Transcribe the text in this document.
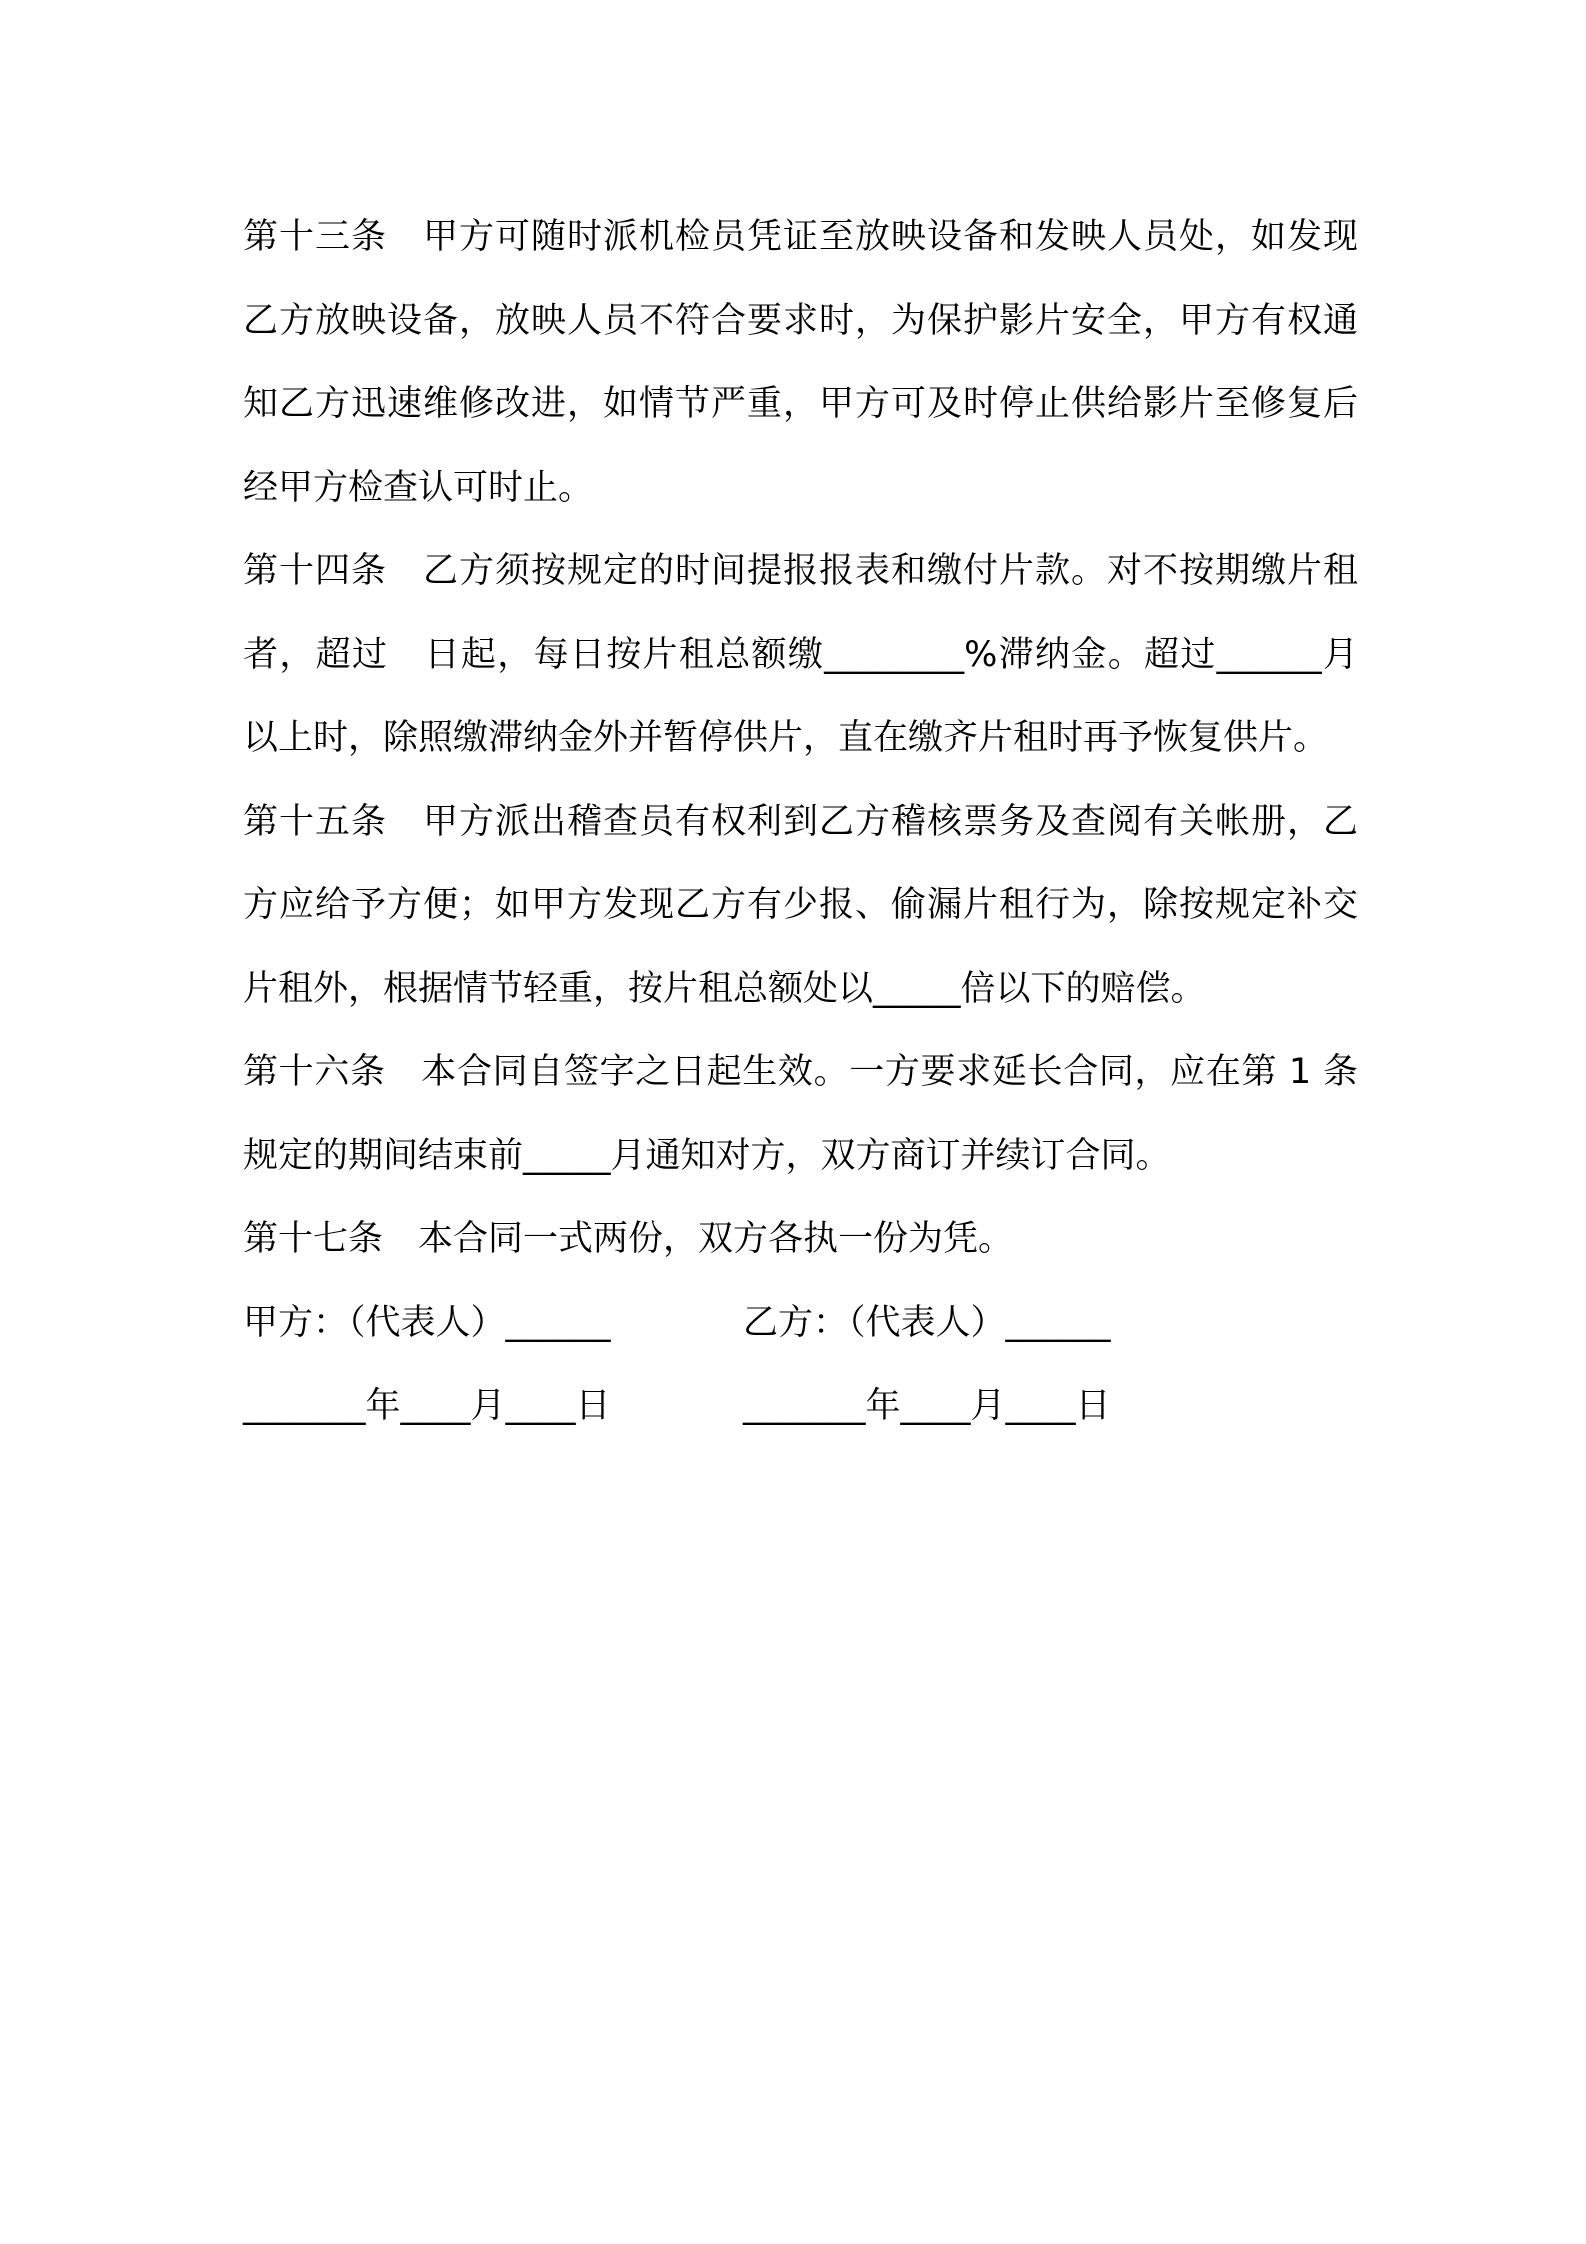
第十三条　甲方可随时派机检员凭证至放映设备和发映人员处，如发现乙方放映设备，放映人员不符合要求时，为保护影片安全，甲方有权通知乙方迅速维修改进，如情节严重，甲方可及时停止供给影片至修复后经甲方检查认可时止。

第十四条　乙方须按规定的时间提报报表和缴付片款。对不按期缴片租者，超过　日起，每日按片租总额缴________%滞纳金。超过______月以上时，除照缴滞纳金外并暂停供片，直在缴齐片租时再予恢复供片。

第十五条　甲方派出稽查员有权利到乙方稽核票务及查阅有关帐册，乙方应给予方便；如甲方发现乙方有少报、偷漏片租行为，除按规定补交片租外，根据情节轻重，按片租总额处以_____倍以下的赔偿。

第十六条　本合同自签字之日起生效。一方要求延长合同，应在第 1 条规定的期间结束前_____月通知对方，双方商订并续订合同。

第十七条　本合同一式两份，双方各执一份为凭。

甲方：（代表人）______	乙方：（代表人）______
_______年____月____日	_______年____月____日
